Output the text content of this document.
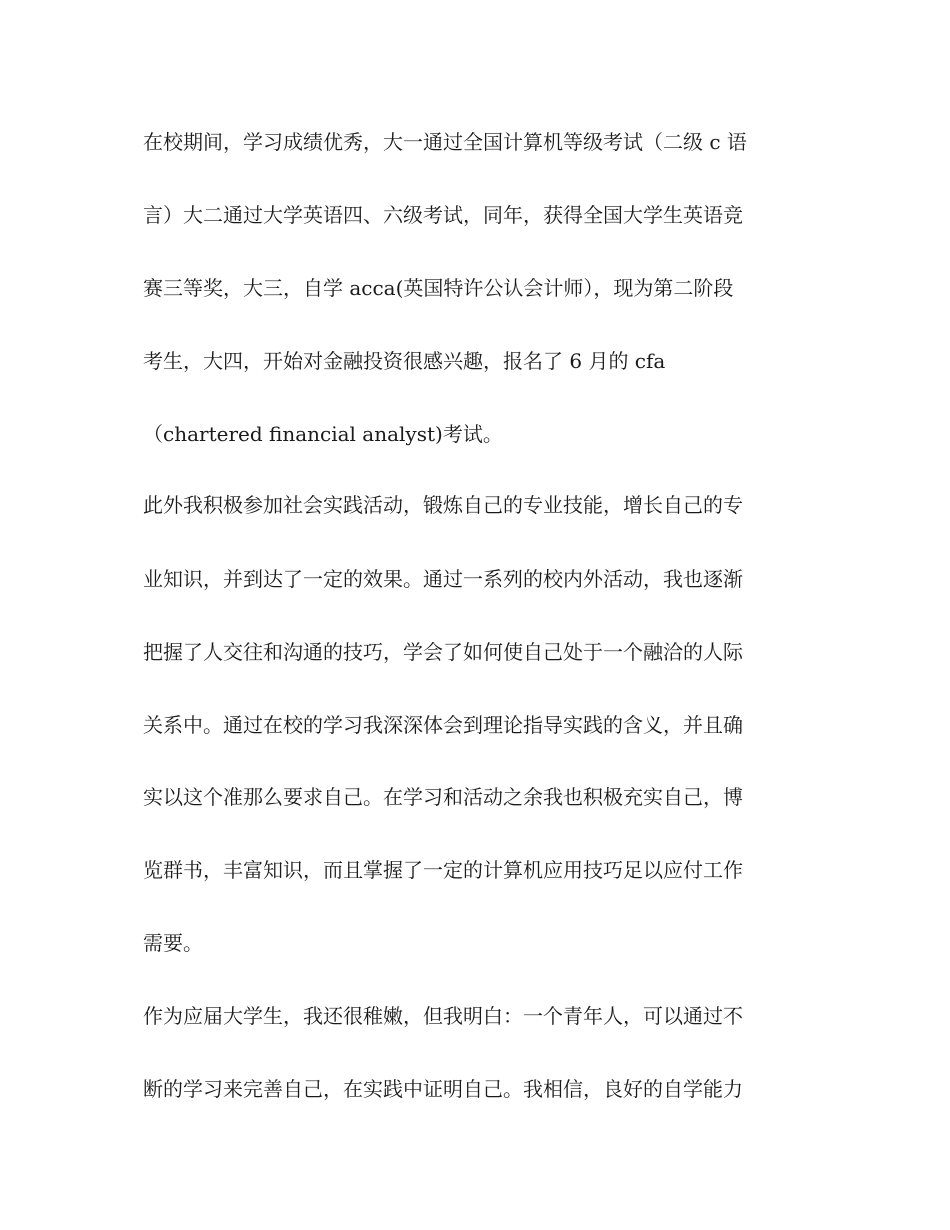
在校期间，学习成绩优秀，大一通过全国计算机等级考试（二级 c 语
言）大二通过大学英语四、六级考试，同年，获得全国大学生英语竞
赛三等奖，大三，自学 acca(英国特许公认会计师），现为第二阶段
考生，大四，开始对金融投资很感兴趣，报名了 6 月的 cfa
（chartered financial analyst)考试。
此外我积极参加社会实践活动，锻炼自己的专业技能，增长自己的专
业知识，并到达了一定的效果。通过一系列的校内外活动，我也逐渐
把握了人交往和沟通的技巧，学会了如何使自己处于一个融洽的人际
关系中。通过在校的学习我深深体会到理论指导实践的含义，并且确
实以这个准那么要求自己。在学习和活动之余我也积极充实自己，博
览群书，丰富知识，而且掌握了一定的计算机应用技巧足以应付工作
需要。
作为应届大学生，我还很稚嫩，但我明白：一个青年人，可以通过不
断的学习来完善自己，在实践中证明自己。我相信，良好的自学能力
